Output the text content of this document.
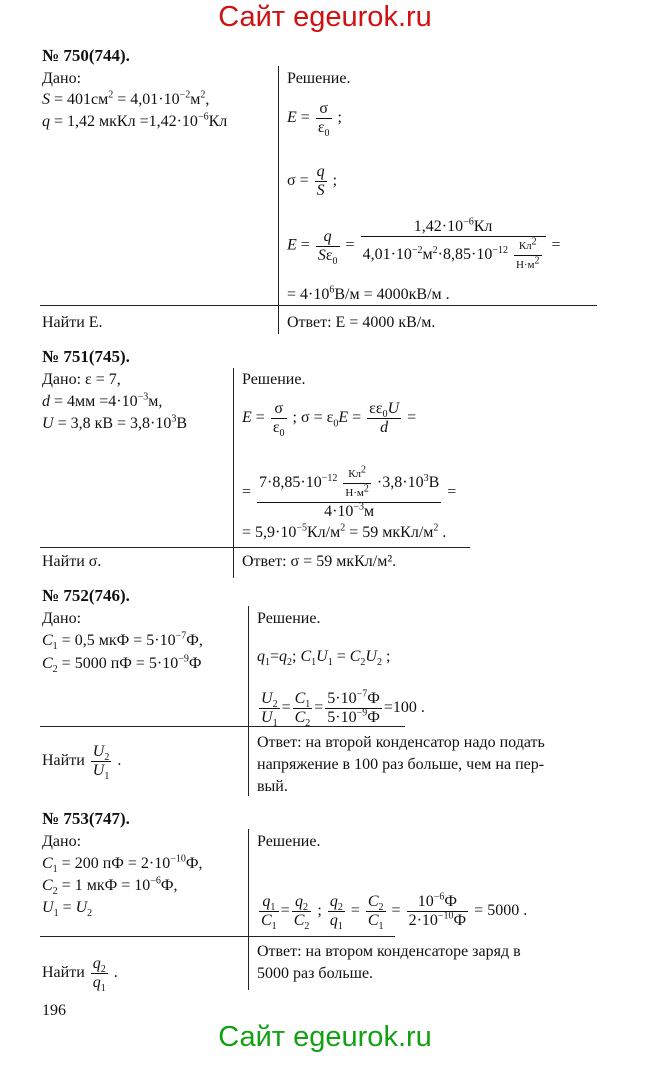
Сайт egeurok.ru
№ 750(744).
Дано:
$S = 401см^2 = 4,01\cdot 10^{-2}м^2$,
q = 1,42 мкКл $=1,42\cdot 10^{-6}Кл$
Решение.
$E = \frac{\sigma}{\varepsilon_0}$ ;
$\sigma = \frac{q}{S}$ ;
$E = \frac{q}{S\varepsilon_0} = \frac{1,42\cdot 10^{-6}Кл}{4,01\cdot 10^{-2}м^2\cdot 8,85\cdot 10^{-12} \frac{Кл^2}{Н\cdot м^2}}$ =
= $4\cdot 10^6В/м = 4000кВ/м$ .
Найти E.	Ответ: E = 4000 кВ/м.
№ 751(745).
Дано: ε = 7,
$d = 4мм =4\cdot 10^{-3}м$,
U = 3,8 кВ = $3,8\cdot 10^3В$
Решение.
$E = \frac{\sigma}{\varepsilon_0}$ ; $\sigma = \varepsilon_0E = \frac{\varepsilon\varepsilon_0U}{d}$ =
= $\frac{7\cdot 8,85\cdot 10^{-12} \frac{Кл^2}{Н\cdot м^2} \cdot 3,8\cdot 10^3В}{4\cdot 10^{-3}м}$ =
= $5,9\cdot 10^{-5}Кл/м^2 = 59$ мкКл/$м^2$ .
Найти σ.	Ответ: σ = 59 мкКл/м².
№ 752(746).
Дано:
$C_1 = 0,5$ мкФ = $5\cdot 10^{-7}Ф$,
$C_2 = 5000$ пФ = $5\cdot 10^{-9}Ф$
Решение.
$q_1=q_2$; $C_1U_1 = C_2U_2$ ;
$\frac{U_2}{U_1} = \frac{C_1}{C_2} = \frac{5\cdot 10^{-7}Ф}{5\cdot 10^{-9}Ф} =100$ .
Найти $\frac{U_2}{U_1}$ .
Ответ: на второй конденсатор надо подать
напряжение в 100 раз больше, чем на пер-
вый.
№ 753(747).
Дано:
$C_1 = 200$ пФ = $2\cdot 10^{-10}Ф$,
$C_2 = 1$ мкФ = $10^{-6}Ф$,
$U_1 = U_2$
Решение.
$\frac{q_1}{C_1} = \frac{q_2}{C_2}$ ; $\frac{q_2}{q_1} = \frac{C_2}{C_1} = \frac{10^{-6}Ф}{2\cdot 10^{-10}Ф} = 5000$ .
Найти $\frac{q_2}{q_1}$ .
Ответ: на втором конденсаторе заряд в
5000 раз больше.
196
Сайт egeurok.ru
